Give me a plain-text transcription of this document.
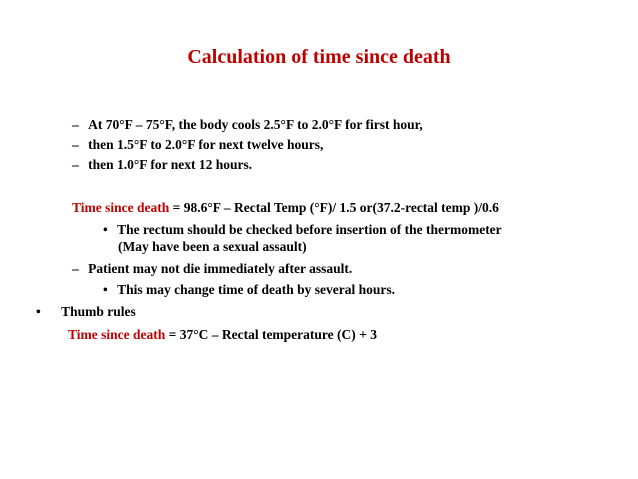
Calculation of time since death
– At 70°F – 75°F, the body cools 2.5°F to 2.0°F for first hour,
– then 1.5°F to 2.0°F for next twelve hours,
– then 1.0°F for next 12 hours.
Time since death = 98.6°F – Rectal Temp (°F)/ 1.5 or(37.2-rectal temp )/0.6
• The rectum should be checked before insertion of the thermometer
(May have been a sexual assault)
– Patient may not die immediately after assault.
• This may change time of death by several hours.
• Thumb rules
Time since death = 37°C – Rectal temperature (C) + 3
